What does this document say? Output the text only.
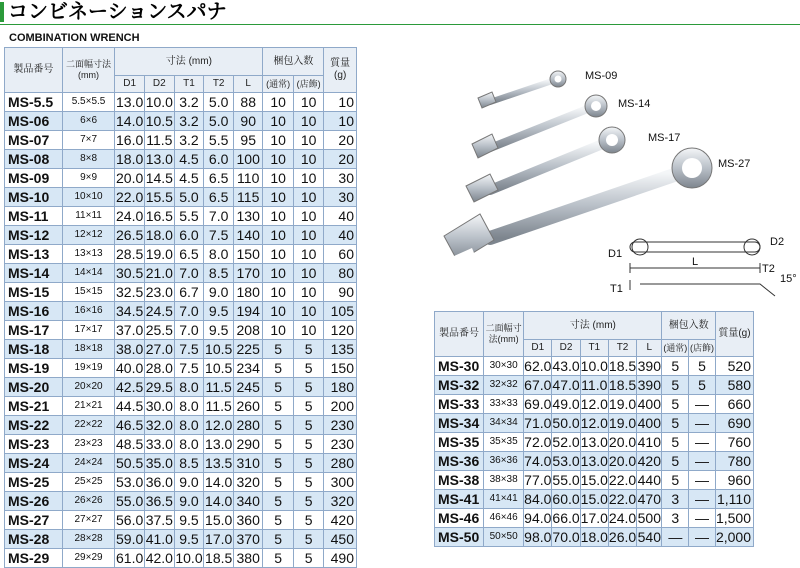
コンビネーションスパナ
COMBINATION WRENCH
製品番号	二面幅寸法(mm)	寸法 (mm)					梱包入数		質量(g)
		D1	D2	T1	T2	L	(通常)	(店飾)	
MS-5.5	5.5×5.5	13.0	10.0	3.2	5.0	88	10	10	10
MS-06	6×6	14.0	10.5	3.2	5.0	90	10	10	10
MS-07	7×7	16.0	11.5	3.2	5.5	95	10	10	20
MS-08	8×8	18.0	13.0	4.5	6.0	100	10	10	20
MS-09	9×9	20.0	14.5	4.5	6.5	110	10	10	30
MS-10	10×10	22.0	15.5	5.0	6.5	115	10	10	30
MS-11	11×11	24.0	16.5	5.5	7.0	130	10	10	40
MS-12	12×12	26.5	18.0	6.0	7.5	140	10	10	40
MS-13	13×13	28.5	19.0	6.5	8.0	150	10	10	60
MS-14	14×14	30.5	21.0	7.0	8.5	170	10	10	80
MS-15	15×15	32.5	23.0	6.7	9.0	180	10	10	90
MS-16	16×16	34.5	24.5	7.0	9.5	194	10	10	105
MS-17	17×17	37.0	25.5	7.0	9.5	208	10	10	120
MS-18	18×18	38.0	27.0	7.5	10.5	225	5	5	135
MS-19	19×19	40.0	28.0	7.5	10.5	234	5	5	150
MS-20	20×20	42.5	29.5	8.0	11.5	245	5	5	180
MS-21	21×21	44.5	30.0	8.0	11.5	260	5	5	200
MS-22	22×22	46.5	32.0	8.0	12.0	280	5	5	230
MS-23	23×23	48.5	33.0	8.0	13.0	290	5	5	230
MS-24	24×24	50.5	35.0	8.5	13.5	310	5	5	280
MS-25	25×25	53.0	36.0	9.0	14.0	320	5	5	300
MS-26	26×26	55.0	36.5	9.0	14.0	340	5	5	320
MS-27	27×27	56.0	37.5	9.5	15.0	360	5	5	420
MS-28	28×28	59.0	41.0	9.5	17.0	370	5	5	450
MS-29	29×29	61.0	42.0	10.0	18.5	380	5	5	490
MS-09
MS-14
MS-17
MS-27
D1
D2
L
T1
T2
15°
製品番号	二面幅寸法(mm)	寸法 (mm)					梱包入数		質量(g)
		D1	D2	T1	T2	L	(通常)	(店飾)	
MS-30	30×30	62.0	43.0	10.0	18.5	390	5	5	520
MS-32	32×32	67.0	47.0	11.0	18.5	390	5	5	580
MS-33	33×33	69.0	49.0	12.0	19.0	400	5	—	660
MS-34	34×34	71.0	50.0	12.0	19.0	400	5	—	690
MS-35	35×35	72.0	52.0	13.0	20.0	410	5	—	760
MS-36	36×36	74.0	53.0	13.0	20.0	420	5	—	780
MS-38	38×38	77.0	55.0	15.0	22.0	440	5	—	960
MS-41	41×41	84.0	60.0	15.0	22.0	470	3	—	1,110
MS-46	46×46	94.0	66.0	17.0	24.0	500	3	—	1,500
MS-50	50×50	98.0	70.0	18.0	26.0	540	—	—	2,000
